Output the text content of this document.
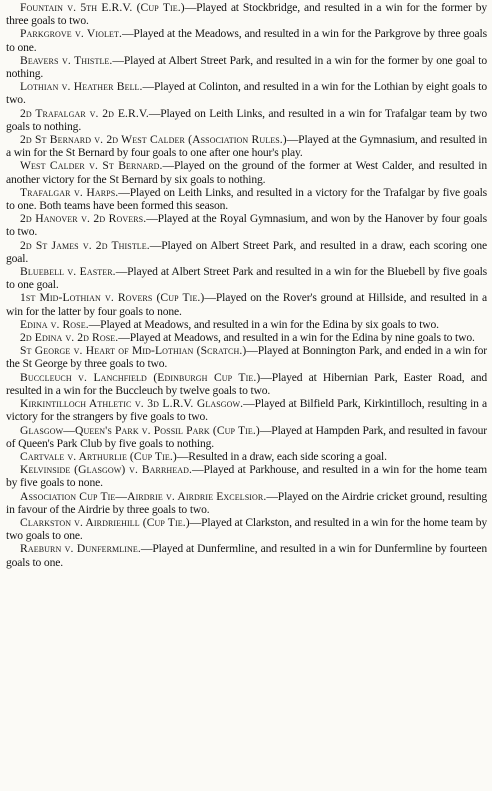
Fountain v. 5th E.R.V. (Cup Tie.)—Played at Stockbridge, and resulted in a win for the former by three goals to two.

Parkgrove v. Violet.—Played at the Meadows, and resulted in a win for the Parkgrove by three goals to one.

Beavers v. Thistle.—Played at Albert Street Park, and resulted in a win for the former by one goal to nothing.

Lothian v. Heather Bell.—Played at Colinton, and resulted in a win for the Lothian by eight goals to two.

2d Trafalgar v. 2d E.R.V.—Played on Leith Links, and resulted in a win for Trafalgar team by two goals to nothing.

2d St Bernard v. 2d West Calder (Association Rules.)—Played at the Gymnasium, and resulted in a win for the St Bernard by four goals to one after one hour's play.

West Calder v. St Bernard.—Played on the ground of the former at West Calder, and resulted in another victory for the St Bernard by six goals to nothing.

Trafalgar v. Harps.—Played on Leith Links, and resulted in a victory for the Trafalgar by five goals to one. Both teams have been formed this season.

2d Hanover v. 2d Rovers.—Played at the Royal Gymnasium, and won by the Hanover by four goals to two.

2d St James v. 2d Thistle.—Played on Albert Street Park, and resulted in a draw, each scoring one goal.

Bluebell v. Easter.—Played at Albert Street Park and resulted in a win for the Bluebell by five goals to one goal.

1st Mid-Lothian v. Rovers (Cup Tie.)—Played on the Rover's ground at Hillside, and resulted in a win for the latter by four goals to none.

Edina v. Rose.—Played at Meadows, and resulted in a win for the Edina by six goals to two.

2d Edina v. 2d Rose.—Played at Meadows, and resulted in a win for the Edina by nine goals to two.

St George v. Heart of Mid-Lothian (Scratch.)—Played at Bonnington Park, and ended in a win for the St George by three goals to two.

Buccleuch v. Lanchfield (Edinburgh Cup Tie.)—Played at Hibernian Park, Easter Road, and resulted in a win for the Buccleuch by twelve goals to two.

Kirkintilloch Athletic v. 3d L.R.V. Glasgow.—Played at Bilfield Park, Kirkintilloch, resulting in a victory for the strangers by five goals to two.

Glasgow—Queen's Park v. Possil Park (Cup Tie.)—Played at Hampden Park, and resulted in favour of Queen's Park Club by five goals to nothing.

Cartvale v. Arthurlie (Cup Tie.)—Resulted in a draw, each side scoring a goal.

Kelvinside (Glasgow) v. Barrhead.—Played at Parkhouse, and resulted in a win for the home team by five goals to none.

Association Cup Tie—Airdrie v. Airdrie Excelsior.—Played on the Airdrie cricket ground, resulting in favour of the Airdrie by three goals to two.

Clarkston v. Airdriehill (Cup Tie.)—Played at Clarkston, and resulted in a win for the home team by two goals to one.

Raeburn v. Dunfermline.—Played at Dunfermline, and resulted in a win for Dunfermline by fourteen goals to one.
